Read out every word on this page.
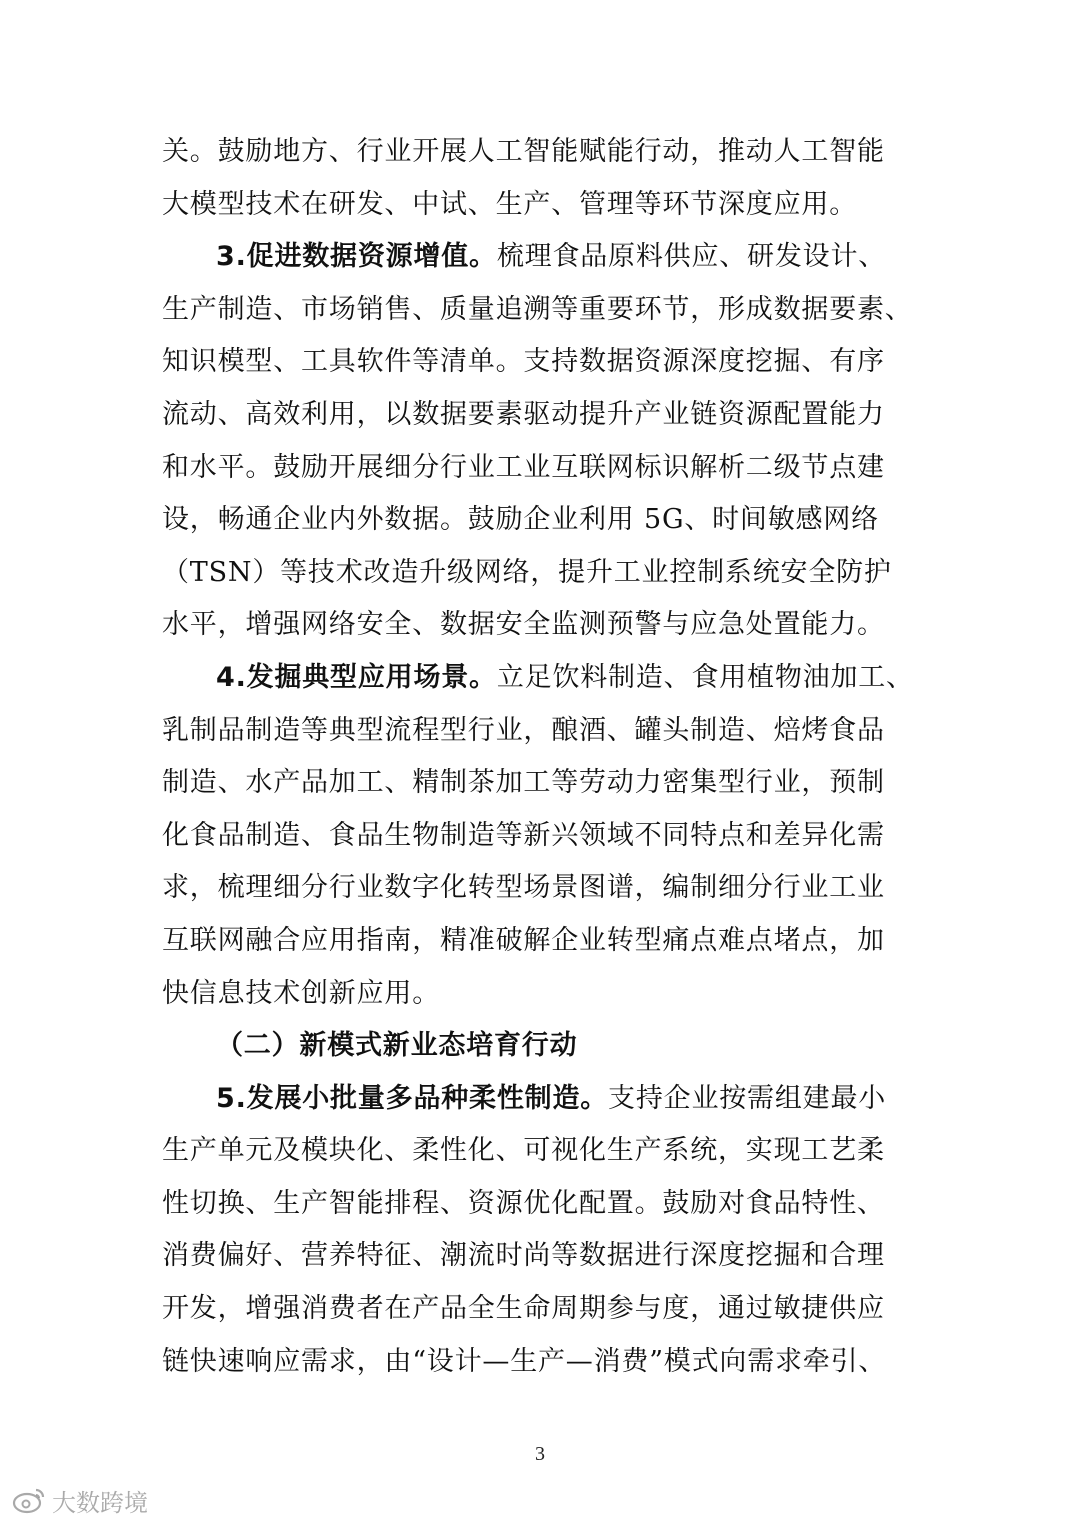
关。鼓励地方、行业开展人工智能赋能行动，推动人工智能
大模型技术在研发、中试、生产、管理等环节深度应用。
3.促进数据资源增值。梳理食品原料供应、研发设计、
生产制造、市场销售、质量追溯等重要环节，形成数据要素、
知识模型、工具软件等清单。支持数据资源深度挖掘、有序
流动、高效利用，以数据要素驱动提升产业链资源配置能力
和水平。鼓励开展细分行业工业互联网标识解析二级节点建
设，畅通企业内外数据。鼓励企业利用 5G、时间敏感网络
（TSN）等技术改造升级网络，提升工业控制系统安全防护
水平，增强网络安全、数据安全监测预警与应急处置能力。
4.发掘典型应用场景。立足饮料制造、食用植物油加工、
乳制品制造等典型流程型行业，酿酒、罐头制造、焙烤食品
制造、水产品加工、精制茶加工等劳动力密集型行业，预制
化食品制造、食品生物制造等新兴领域不同特点和差异化需
求，梳理细分行业数字化转型场景图谱，编制细分行业工业
互联网融合应用指南，精准破解企业转型痛点难点堵点，加
快信息技术创新应用。
（二）新模式新业态培育行动
5.发展小批量多品种柔性制造。支持企业按需组建最小
生产单元及模块化、柔性化、可视化生产系统，实现工艺柔
性切换、生产智能排程、资源优化配置。鼓励对食品特性、
消费偏好、营养特征、潮流时尚等数据进行深度挖掘和合理
开发，增强消费者在产品全生命周期参与度，通过敏捷供应
链快速响应需求，由“设计—生产—消费”模式向需求牵引、
3
大数跨境
